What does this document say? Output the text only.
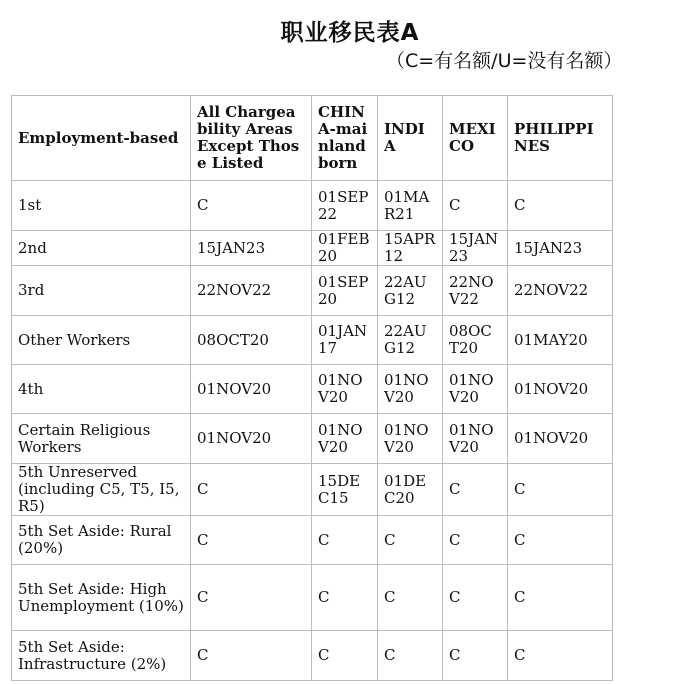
职业移民表A
（C=有名额/U=没有名额）
Employment-based	All Chargeability Areas Except Those Listed	CHINA-mainland born	INDIA	MEXICO	PHILIPPINES
1st	C	01SEP22	01MAR21	C	C
2nd	15JAN23	01FEB20	15APR12	15JAN23	15JAN23
3rd	22NOV22	01SEP20	22AUG12	22NOV22	22NOV22
Other Workers	08OCT20	01JAN17	22AUG12	08OCT20	01MAY20
4th	01NOV20	01NOV20	01NOV20	01NOV20	01NOV20
Certain Religious Workers	01NOV20	01NOV20	01NOV20	01NOV20	01NOV20
5th Unreserved (including C5, T5, I5, R5)	C	15DEC15	01DEC20	C	C
5th Set Aside: Rural (20%)	C	C	C	C	C
5th Set Aside: High Unemployment (10%)	C	C	C	C	C
5th Set Aside: Infrastructure (2%)	C	C	C	C	C
